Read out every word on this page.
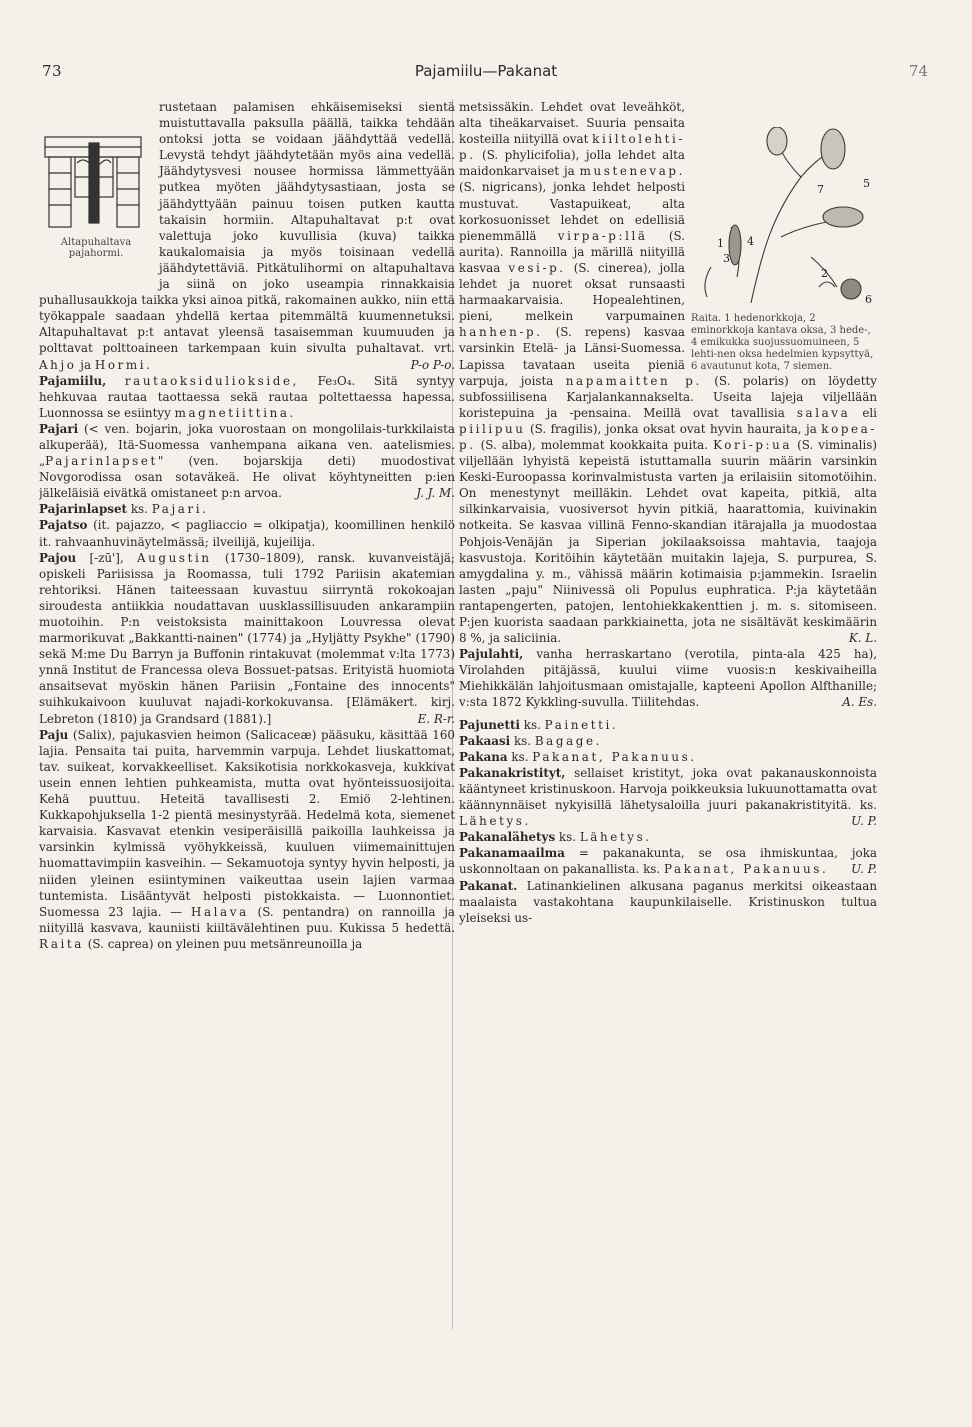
73	Pajamiilu—Pakanat	74
Altapuhaltava pajahormi.

rustetaan palamisen ehkäisemiseksi sientä muistuttavalla paksulla päällä, taikka tehdään ontoksi jotta se voidaan jäähdyttää vedellä. Levystä tehdyt jäähdytetään myös aina vedellä. Jäähdytysvesi nousee hormissa lämmettyään putkea myöten jäähdytysastiaan, josta se jäähdyttyään painuu toisen putken kautta takaisin hormiin. Altapuhaltavat p:t ovat valettuja joko kuvullisia (kuva) taikka kaukalomaisia ja myös toisinaan vedellä jäähdytettäviä. Pitkätulihormi on altapuhaltava ja siinä on joko useampia rinnakkaisia puhallusaukkoja taikka yksi ainoa pitkä, rakomainen aukko, niin että työkappale saadaan yhdellä kertaa pitemmältä kuumennetuksi. Altapuhaltavat p:t antavat yleensä tasaisemman kuumuuden ja polttavat polttoaineen tarkempaan kuin sivulta puhaltavat. vrt. Ahjo ja Hormi.	P-o P-o.

Pajamiilu, rautaoksiduliokside, Fe₃O₄. Sitä syntyy hehkuvaa rautaa taottaessa sekä rautaa poltettaessa hapessa. Luonnossa se esiintyy magnetiittina.

Pajari (< ven. bojarin, joka vuorostaan on mongolilais-turkkilaista alkuperää), Itä-Suomessa vanhempana aikana ven. aatelismies. „Pajarinlapset" (ven. bojarskija deti) muodostivat Novgorodissa osan sotaväkeä. He olivat köyhtyneitten p:ien jälkeläisiä eivätkä omistaneet p:n arvoa.	J. J. M.

Pajarinlapset ks. Pajari.

Pajatso (it. pajazzo, < pagliaccio = olkipatja), koomillinen henkilö it. rahvaanhuvinäytelmässä; ilveilijä, kujeilija.

Pajou [-zū'], Augustin (1730–1809), ransk. kuvanveistäjä; opiskeli Pariisissa ja Roomassa, tuli 1792 Pariisin akatemian rehtoriksi. Hänen taiteessaan kuvastuu siirryntä rokokoajan siroudesta antiikkia noudattavan uusklassillisuuden ankarampiin muotoihin. P:n veistoksista mainittakoon Louvressa olevat marmorikuvat „Bakkantti-nainen" (1774) ja „Hyljätty Psykhe" (1790) sekä M:me Du Barryn ja Buffonin rintakuvat (molemmat v:lta 1773) ynnä Institut de Francessa oleva Bossuet-patsas. Erityistä huomiota ansaitsevat myöskin hänen Pariisin „Fontaine des innocents" suihkukaivoon kuuluvat najadi-korkokuvansa. [Elämäkert. kirj. Lebreton (1810) ja Grandsard (1881).]	E. R-r.

Paju (Salix), pajukasvien heimon (Salicaceæ) pääsuku, käsittää 160 lajia. Pensaita tai puita, harvemmin varpuja. Lehdet liuskattomat, tav. suikeat, korvakkeelliset. Kaksikotisia norkkokasveja, kukkivat usein ennen lehtien puhkeamista, mutta ovat hyönteissuosijoita. Kehä puuttuu. Heteitä tavallisesti 2. Emiö 2-lehtinen. Kukkapohjuksella 1-2 pientä mesinystyrää. Hedelmä kota, siemenet karvaisia. Kasvavat etenkin vesiperäisillä paikoilla lauhkeissa ja varsinkin kylmissä vyöhykkeissä, kuuluen viimemainittujen huomattavimpiin kasveihin. — Sekamuotoja syntyy hyvin helposti, ja niiden yleinen esiintyminen vaikeuttaa usein lajien varmaa tuntemista. Lisääntyvät helposti pistokkaista. — Luonnontiet. Suomessa 23 lajia. — Halava (S. pentandra) on rannoilla ja niityillä kasvava, kauniisti kiiltävälehtinen puu. Kukissa 5 hedettä. Raita (S. caprea) on yleinen puu metsänreunoilla ja

1
2
3
4
5
6
7
Raita. 1 hedenorkkoja, 2 eminorkkoja kantava oksa, 3 hede-, 4 emikukka suojussuomuineen, 5 lehti-nen oksa hedelmien kypsyttyä, 6 avautunut kota, 7 siemen.

metsissäkin. Lehdet ovat leveähköt, alta tiheäkarvaiset. Suuria pensaita kosteilla niityillä ovat kiiltolehti-p. (S. phylicifolia), jolla lehdet alta maidonkarvaiset ja mustenevap. (S. nigricans), jonka lehdet helposti mustuvat. Vastapuikeat, alta korkosuonisset lehdet on edellisiä pienemmällä virpa-p:llä (S. aurita). Rannoilla ja märillä niityillä kasvaa vesi-p. (S. cinerea), jolla lehdet ja nuoret oksat runsaasti harmaakarvaisia. Hopealehtinen, pieni, melkein varpumainen hanhen-p. (S. repens) kasvaa varsinkin Etelä- ja Länsi-Suomessa. Lapissa tavataan useita pieniä varpuja, joista napamaitten p. (S. polaris) on löydetty subfossiilisena Karjalankannakselta. Useita lajeja viljellään koristepuina ja -pensaina. Meillä ovat tavallisia salava eli piilipuu (S. fragilis), jonka oksat ovat hyvin hauraita, ja kopea-p. (S. alba), molemmat kookkaita puita. Kori-p:ua (S. viminalis) viljellään lyhyistä kepeistä istuttamalla suurin määrin varsinkin Keski-Euroopassa korinvalmistusta varten ja erilaisiin sitomotöihin. On menestynyt meilläkin. Lehdet ovat kapeita, pitkiä, alta silkinkarvaisia, vuosiversot hyvin pitkiä, haarattomia, kuivinakin notkeita. Se kasvaa villinä Fenno-skandian itärajalla ja muodostaa Pohjois-Venäjän ja Siperian jokilaaksoissa mahtavia, taajoja kasvustoja. Koritöihin käytetään muitakin lajeja, S. purpurea, S. amygdalina y. m., vähissä määrin kotimaisia p:jammekin. Israelin lasten „paju" Niinivessä oli Populus euphratica. P:ja käytetään rantapengerten, patojen, lentohiekkakenttien j. m. s. sitomiseen. P:jen kuorista saadaan parkkiainetta, jota ne sisältävät keskimäärin 8 %, ja saliciinia.	K. L.

Pajulahti, vanha herraskartano (verotila, pinta-ala 425 ha), Virolahden pitäjässä, kuului viime vuosis:n keskivaiheilla Miehikkälän lahjoitusmaan omistajalle, kapteeni Apollon Alfthanille; v:sta 1872 Kykkling-suvulla. Tiilitehdas.	A. Es.

Pajunetti ks. Painetti.

Pakaasi ks. Bagage.

Pakana ks. Pakanat, Pakanuus.

Pakanakristityt, sellaiset kristityt, joka ovat pakanauskonnoista kääntyneet kristinuskoon. Harvoja poikkeuksia lukuunottamatta ovat käännynnäiset nykyisillä lähetysaloilla juuri pakanakristityitä. ks. Lähetys.	U. P.

Pakanalähetys ks. Lähetys.

Pakanamaailma = pakanakunta, se osa ihmiskuntaa, joka uskonnoltaan on pakanallista. ks. Pakanat, Pakanuus. U. P.

Pakanat. Latinankielinen alkusana paganus merkitsi oikeastaan maalaista vastakohtana kaupunkilaiselle. Kristinuskon tultua yleiseksi us-
